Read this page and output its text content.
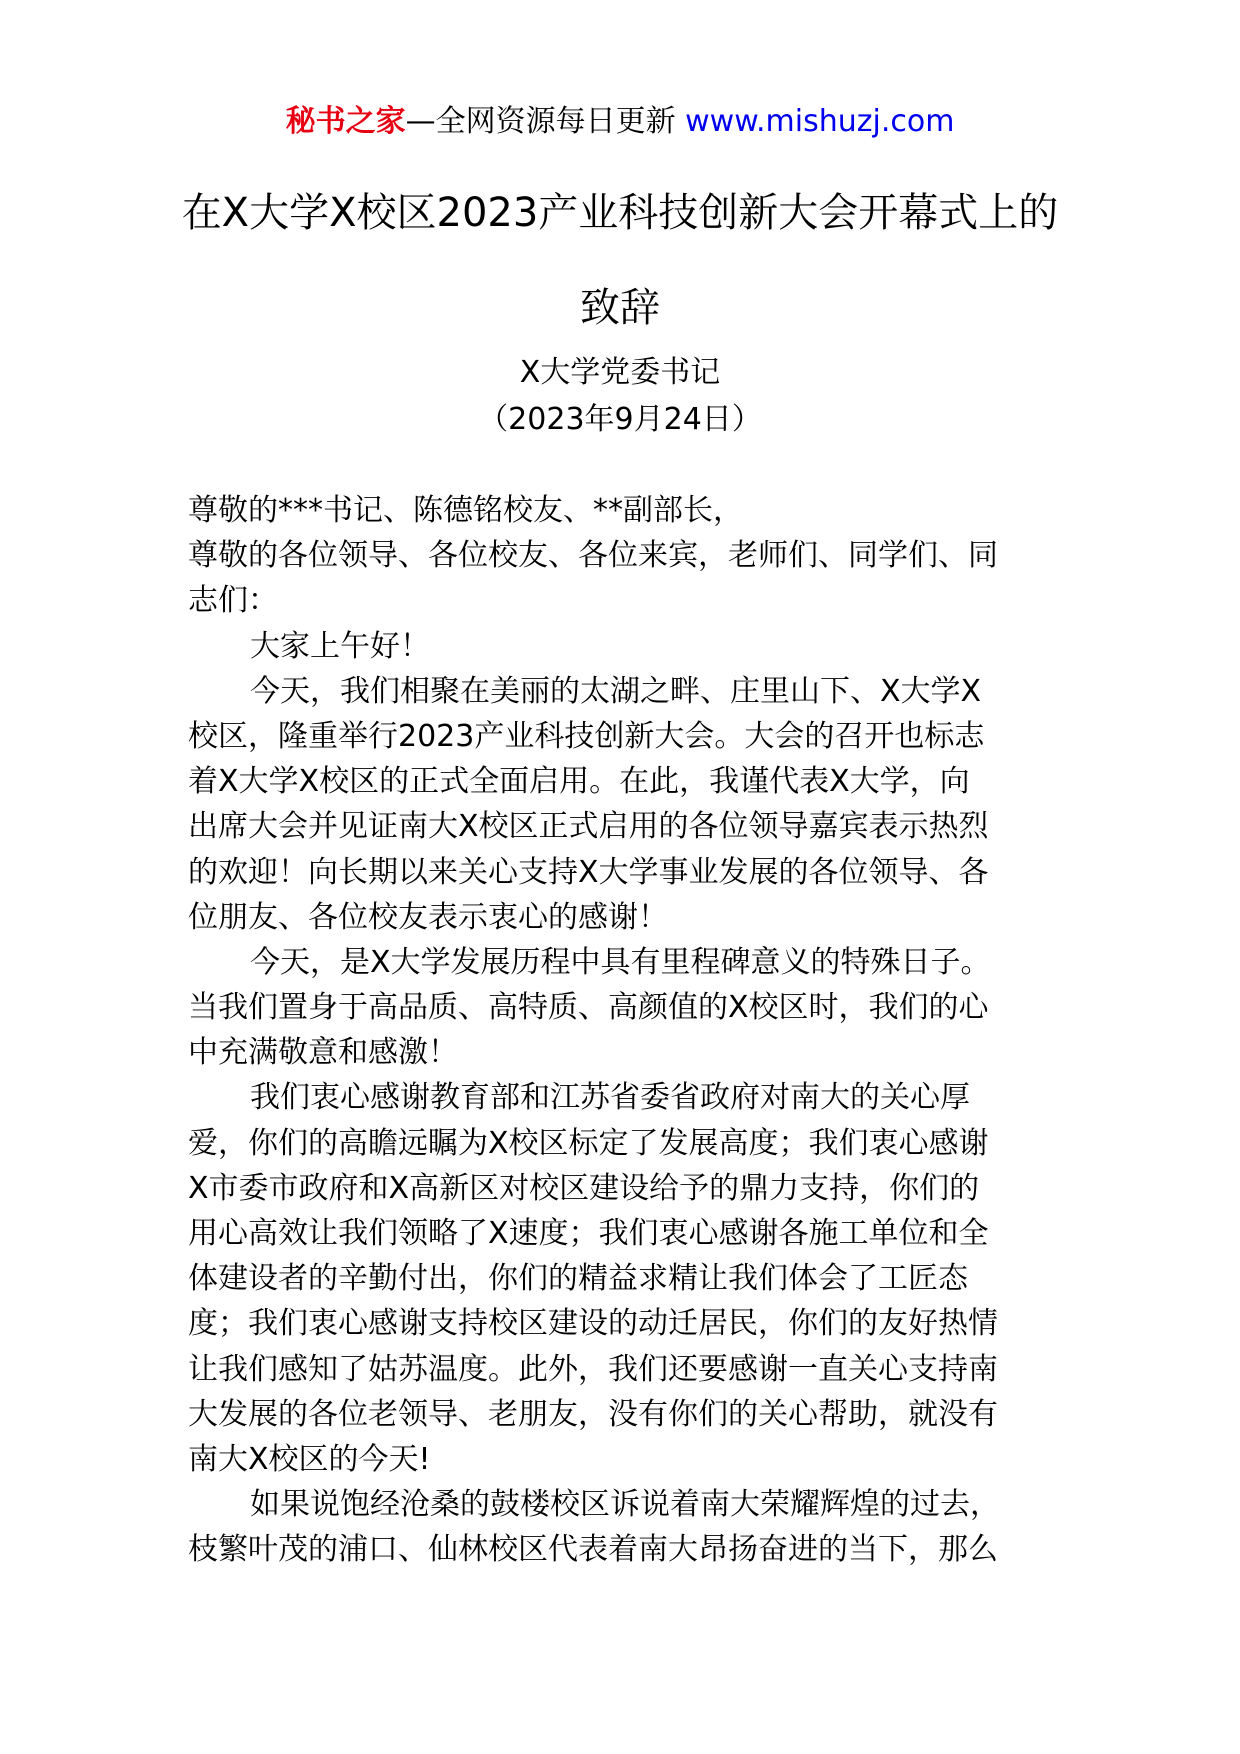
秘书之家—全网资源每日更新 www.mishuzj.com
在X大学X校区2023产业科技创新大会开幕式上的
致辞
X大学党委书记
（2023年9月24日）
尊敬的***书记、陈德铭校友、**副部长，
尊敬的各位领导、各位校友、各位来宾，老师们、同学们、同
志们：
大家上午好！
今天，我们相聚在美丽的太湖之畔、庄里山下、X大学X
校区，隆重举行2023产业科技创新大会。大会的召开也标志
着X大学X校区的正式全面启用。在此，我谨代表X大学，向
出席大会并见证南大X校区正式启用的各位领导嘉宾表示热烈
的欢迎！向长期以来关心支持X大学事业发展的各位领导、各
位朋友、各位校友表示衷心的感谢！
今天，是X大学发展历程中具有里程碑意义的特殊日子。
当我们置身于高品质、高特质、高颜值的X校区时，我们的心
中充满敬意和感激！
我们衷心感谢教育部和江苏省委省政府对南大的关心厚
爱，你们的高瞻远瞩为X校区标定了发展高度；我们衷心感谢
X市委市政府和X高新区对校区建设给予的鼎力支持，你们的
用心高效让我们领略了X速度；我们衷心感谢各施工单位和全
体建设者的辛勤付出，你们的精益求精让我们体会了工匠态
度；我们衷心感谢支持校区建设的动迁居民，你们的友好热情
让我们感知了姑苏温度。此外，我们还要感谢一直关心支持南
大发展的各位老领导、老朋友，没有你们的关心帮助，就没有
南大X校区的今天!
如果说饱经沧桑的鼓楼校区诉说着南大荣耀辉煌的过去，
枝繁叶茂的浦口、仙林校区代表着南大昂扬奋进的当下，那么
